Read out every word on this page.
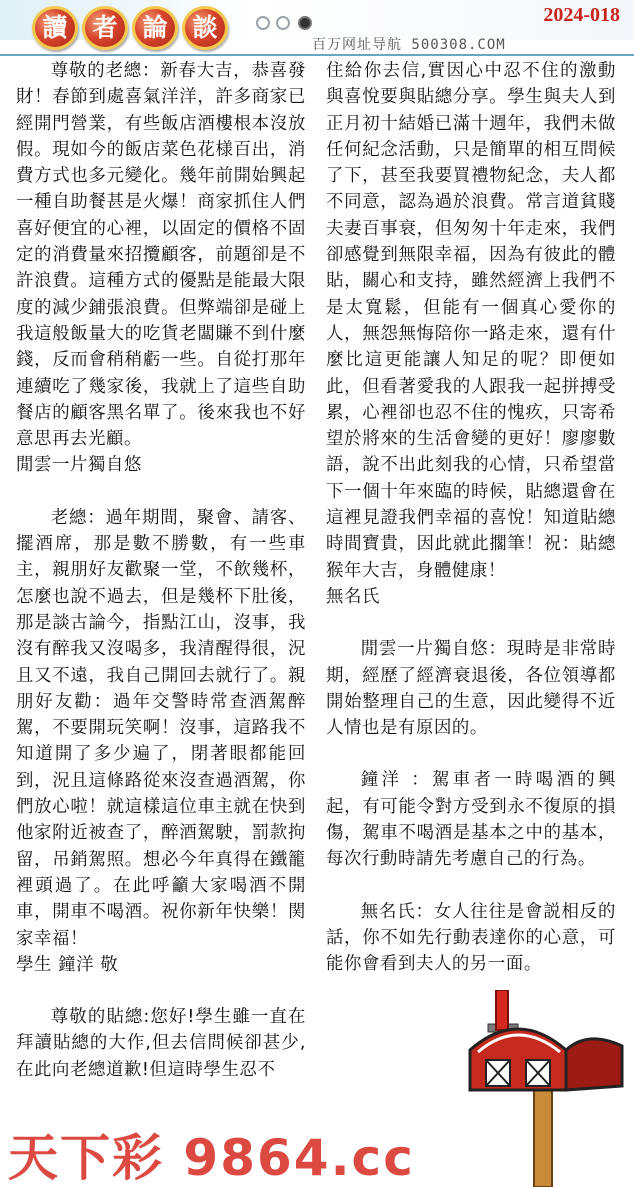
讀 者 論 談	2024-018
百万网址导航 500308.COM

尊敬的老總：新春大吉，恭喜發財！春節到處喜氣洋洋，許多商家已經開門營業，有些飯店酒樓根本沒放假。現如今的飯店菜色花様百出，消費方式也多元變化。幾年前開始興起一種自助餐甚是火爆！商家抓住人們喜好便宜的心裡，以固定的價格不固定的消費量來招攬顧客，前題卻是不許浪費。這種方式的優點是能最大限度的減少鋪張浪費。但弊端卻是碰上我這般飯量大的吃貨老闆賺不到什麼錢，反而會稍稍虧一些。自從打那年連續吃了幾家後，我就上了這些自助餐店的顧客黑名單了。後來我也不好意思再去光顧。

閒雲一片獨自悠

老總：過年期間，聚會、請客、擺酒席，那是數不勝數，有一些車主，親朋好友歡聚一堂，不飲幾杯，怎麼也說不過去，但是幾杯下肚後，那是談古論今，指點江山，沒事，我沒有醉我又沒喝多，我清醒得很，況且又不遠，我自己開回去就行了。親朋好友勸：過年交警時常查酒駕醉駕，不要開玩笑啊！沒事，這路我不知道開了多少遍了，閉著眼都能回到，況且這條路從來沒查過酒駕，你們放心啦！就這樣這位車主就在快到他家附近被查了，醉酒駕駛，罰款拘留，吊銷駕照。想必今年真得在鐵籠裡頭過了。在此呼籲大家喝酒不開車，開車不喝酒。祝你新年快樂！関家幸福！

學生 鐘洋 敬

尊敬的貼總:您好!學生雖一直在拜讀貼總的大作,但去信問候卻甚少,在此向老總道歉!但這時學生忍不

住給你去信,實因心中忍不住的激動與喜悅要與貼總分享。學生與夫人到正月初十結婚已滿十週年，我們未做任何紀念活動，只是簡單的相互問候了下，甚至我要買禮物紀念，夫人都不同意，認為過於浪費。常言道貧賤夫妻百事衰，但匆匆十年走來，我們卻感覺到無限幸福，因為有彼此的體貼，關心和支持，雖然經濟上我們不是太寬鬆，但能有一個真心愛你的人，無怨無悔陪你一路走來，還有什麼比這更能讓人知足的呢？即便如此，但看著愛我的人跟我一起拼搏受累，心裡卻也忍不住的愧疚，只寄希望於將來的生活會變的更好！廖廖數語，說不出此刻我的心情，只希望當下一個十年來臨的時候，貼總還會在這裡見證我們幸福的喜悅！知道貼總時間寶貴，因此就此擱筆！祝：貼總猴年大吉，身體健康！

無名氏

閒雲一片獨自悠：現時是非常時期，經歷了經濟衰退後，各位領導都開始整理自己的生意，因此變得不近人情也是有原因的。

鐘洋 ：駕車者一時喝酒的興起，有可能令對方受到永不復原的損傷，駕車不喝酒是基本之中的基本，每次行動時請先考慮自己的行為。

無名氏：女人往往是會説相反的話，你不如先行動表達你的心意，可能你會看到夫人的另一面。

天下彩 9864.cc
